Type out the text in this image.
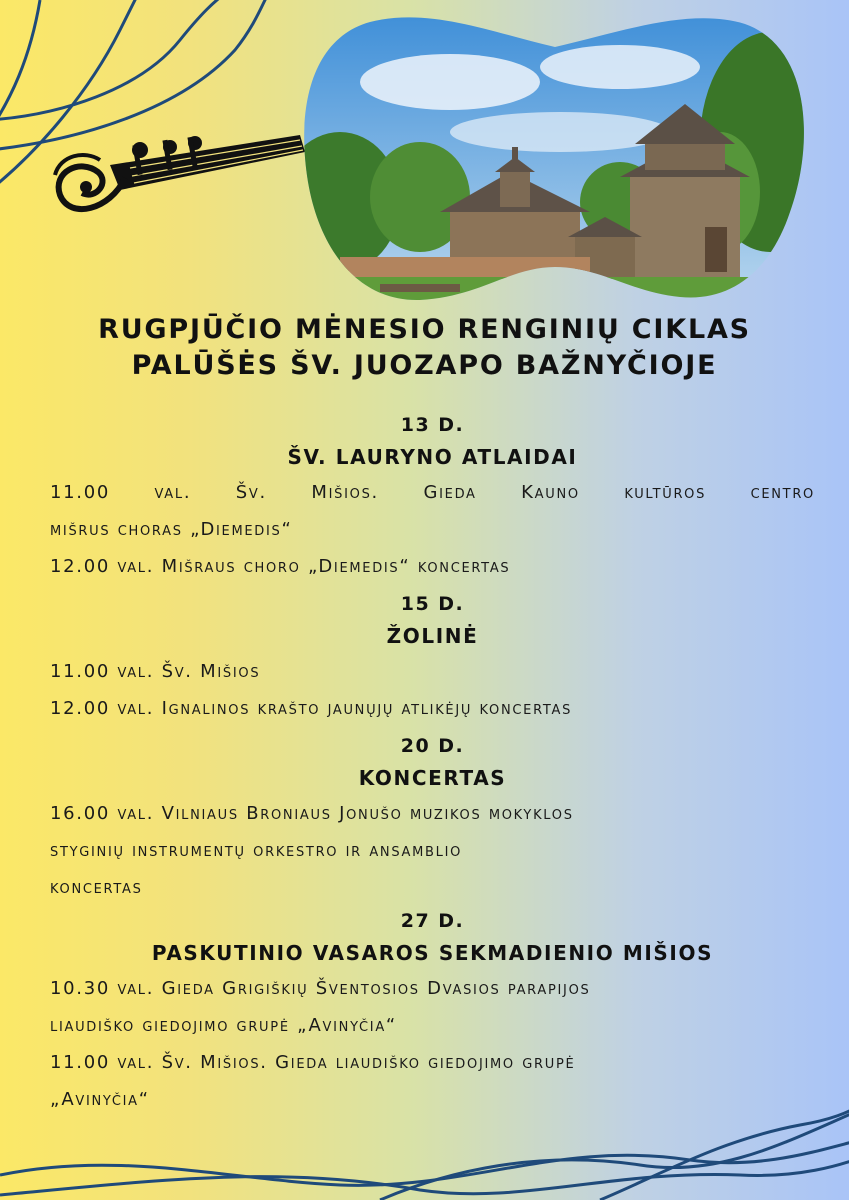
RUGPJŪČIO MĖNESIO RENGINIŲ CIKLAS
PALŪŠĖS ŠV. JUOZAPO BAŽNYČIOJE
13 D.
ŠV. LAURYNO ATLAIDAI
11.00 val. Šv. Mišios. Gieda Kauno kultūros centro
mišrus choras „Diemedis“
12.00 val. Mišraus choro „Diemedis“ koncertas
15 D.
ŽOLINĖ
11.00 val. Šv. Mišios
12.00 val. Ignalinos krašto jaunųjų atlikėjų koncertas
20 D.
KONCERTAS
16.00 val. Vilniaus Broniaus Jonušo muzikos mokyklos
styginių instrumentų orkestro ir ansamblio
koncertas
27 D.
PASKUTINIO VASAROS SEKMADIENIO MIŠIOS
10.30 val. Gieda Grigiškių Šventosios Dvasios parapijos
liaudiško giedojimo grupė „Avinyčia“
11.00 val. Šv. Mišios. Gieda liaudiško giedojimo grupė
„Avinyčia“
